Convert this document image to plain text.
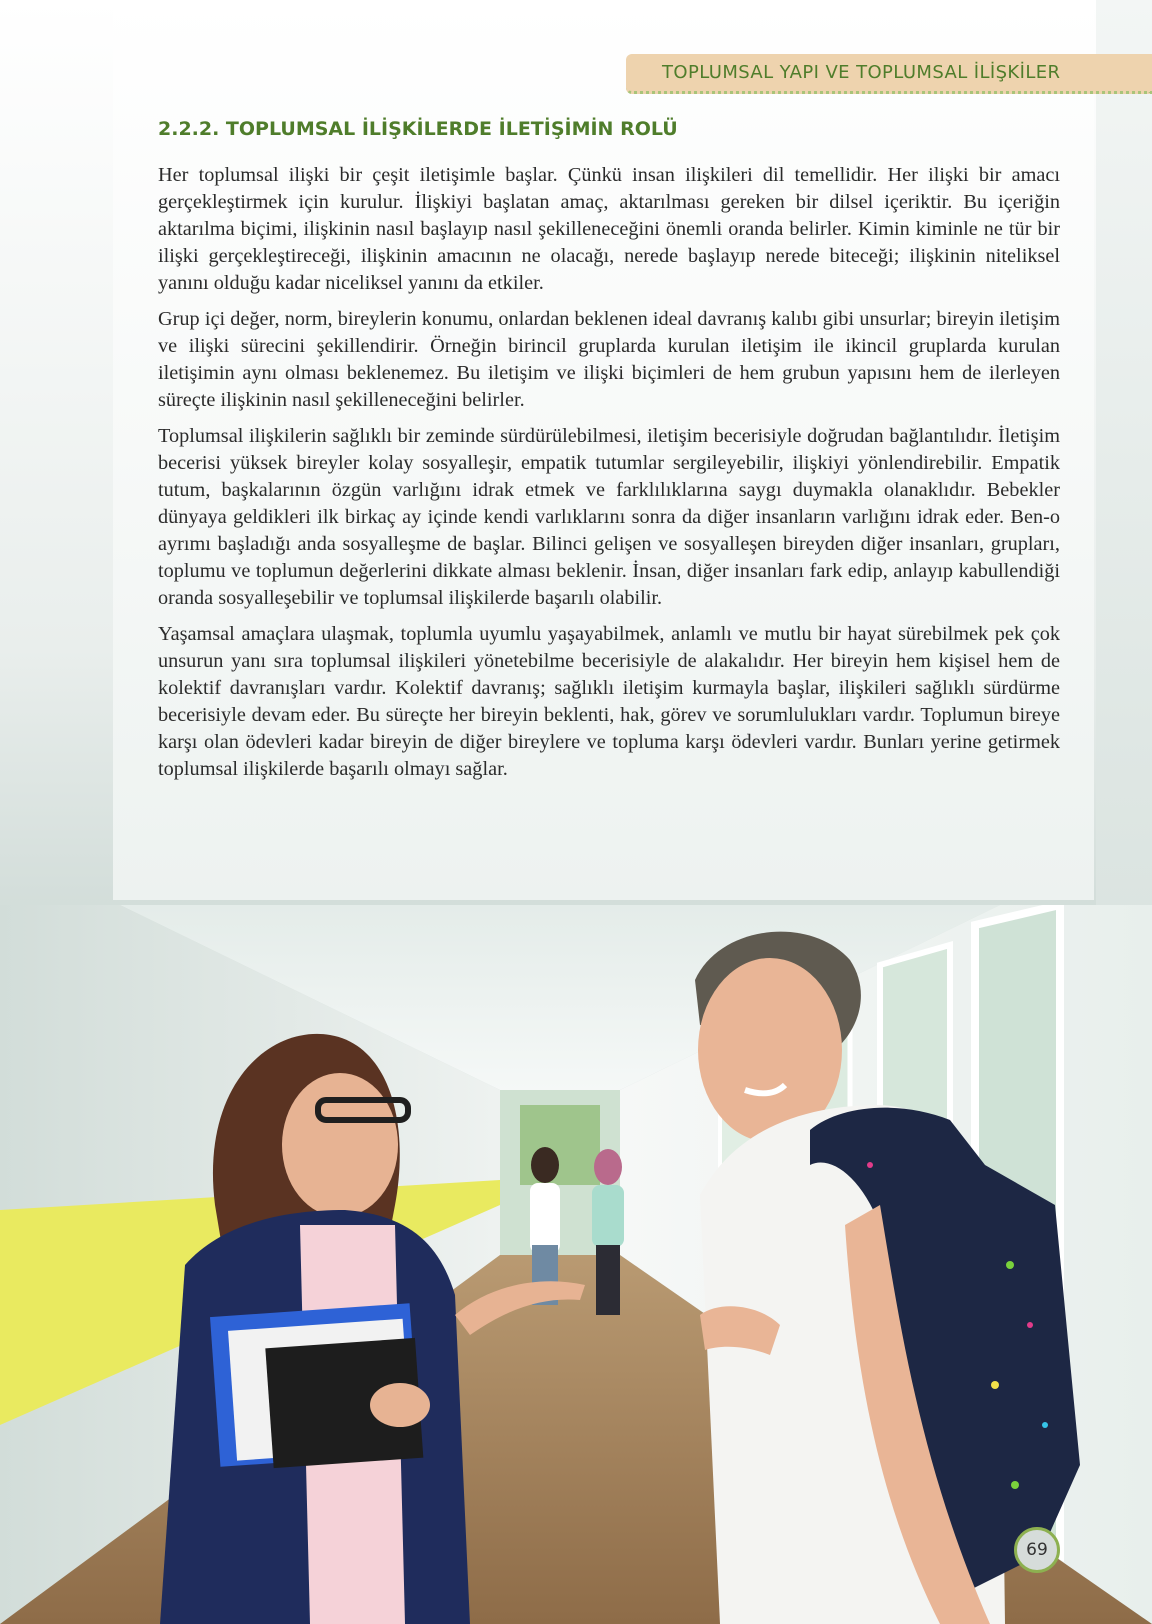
TOPLUMSAL YAPI VE TOPLUMSAL İLİŞKİLER
2.2.2. TOPLUMSAL İLİŞKİLERDE İLETİŞİMİN ROLÜ

Her toplumsal ilişki bir çeşit iletişimle başlar. Çünkü insan ilişkileri dil temellidir. Her ilişki bir amacı gerçekleştirmek için kurulur. İlişkiyi başlatan amaç, aktarılması gereken bir dilsel içeriktir. Bu içeriğin aktarılma biçimi, ilişkinin nasıl başlayıp nasıl şekilleneceğini önemli oranda belirler. Kimin kiminle ne tür bir ilişki gerçekleştireceği, ilişkinin amacının ne olacağı, nerede başlayıp nerede biteceği; ilişkinin niteliksel yanını olduğu kadar niceliksel yanını da etkiler.

Grup içi değer, norm, bireylerin konumu, onlardan beklenen ideal davranış kalıbı gibi unsurlar; bireyin iletişim ve ilişki sürecini şekillendirir. Örneğin birincil gruplarda kurulan iletişim ile ikincil gruplarda kurulan iletişimin aynı olması beklenemez. Bu iletişim ve ilişki biçimleri de hem grubun yapısını hem de ilerleyen süreçte ilişkinin nasıl şekilleneceğini belirler.

Toplumsal ilişkilerin sağlıklı bir zeminde sürdürülebilmesi, iletişim becerisiyle doğrudan bağlantılıdır. İletişim becerisi yüksek bireyler kolay sosyalleşir, empatik tutumlar sergileyebilir, ilişkiyi yönlendirebilir. Empatik tutum, başkalarının özgün varlığını idrak etmek ve farklılıklarına saygı duymakla olanaklıdır. Bebekler dünyaya geldikleri ilk birkaç ay içinde kendi varlıklarını sonra da diğer insanların varlığını idrak eder. Ben-o ayrımı başladığı anda sosyalleşme de başlar. Bilinci gelişen ve sosyalleşen bireyden diğer insanları, grupları, toplumu ve toplumun değerlerini dikkate alması beklenir. İnsan, diğer insanları fark edip, anlayıp kabullendiği oranda sosyalleşebilir ve toplumsal ilişkilerde başarılı olabilir.

Yaşamsal amaçlara ulaşmak, toplumla uyumlu yaşayabilmek, anlamlı ve mutlu bir hayat sürebilmek pek çok unsurun yanı sıra toplumsal ilişkileri yönetebilme becerisiyle de alakalıdır. Her bireyin hem kişisel hem de kolektif davranışları vardır. Kolektif davranış; sağlıklı iletişim kurmayla başlar, ilişkileri sağlıklı sürdürme becerisiyle devam eder. Bu süreçte her bireyin beklenti, hak, görev ve sorumlulukları vardır. Toplumun bireye karşı olan ödevleri kadar bireyin de diğer bireylere ve topluma karşı ödevleri vardır. Bunları yerine getirmek toplumsal ilişkilerde başarılı olmayı sağlar.

69
